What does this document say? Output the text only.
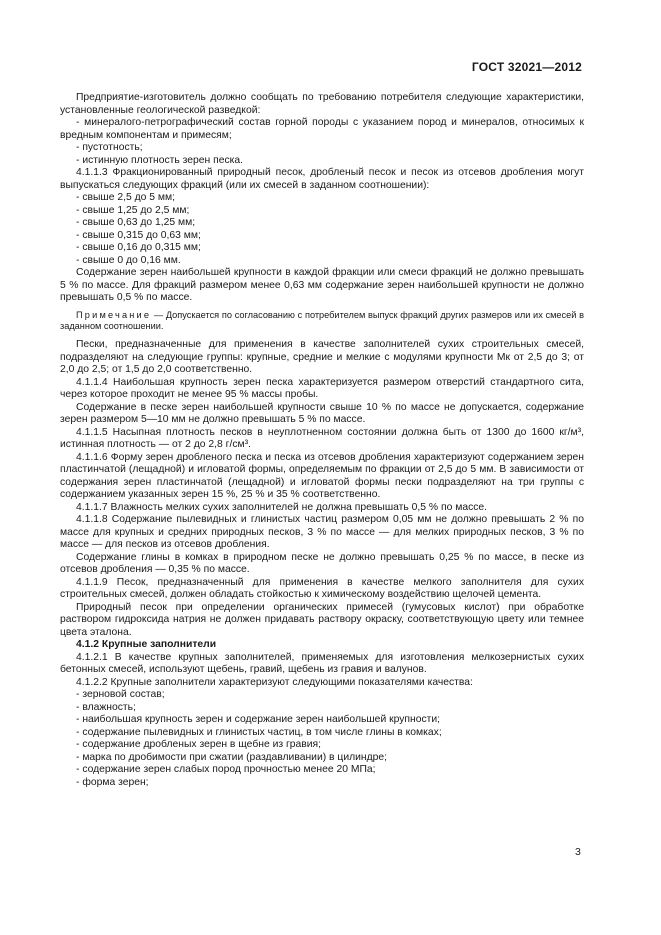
ГОСТ 32021—2012

Предприятие-изготовитель должно сообщать по требованию потребителя следующие характеристики, установленные геологической разведкой:

- минералого-петрографический состав горной породы с указанием пород и минералов, относимых к вредным компонентам и примесям;

- пустотность;

- истинную плотность зерен песка.

4.1.1.3 Фракционированный природный песок, дробленый песок и песок из отсевов дробления могут выпускаться следующих фракций (или их смесей в заданном соотношении):

- свыше 2,5 до 5 мм;

- свыше 1,25 до 2,5 мм;

- свыше 0,63 до 1,25 мм;

- свыше 0,315 до 0,63 мм;

- свыше 0,16 до 0,315 мм;

- свыше 0 до 0,16 мм.

Содержание зерен наибольшей крупности в каждой фракции или смеси фракций не должно превышать 5 % по массе. Для фракций размером менее 0,63 мм содержание зерен наибольшей крупности не должно превышать 0,5 % по массе.

Примечание — Допускается по согласованию с потребителем выпуск фракций других размеров или их смесей в заданном соотношении.

Пески, предназначенные для применения в качестве заполнителей сухих строительных смесей, подразделяют на следующие группы: крупные, средние и мелкие с модулями крупности Mк от 2,5 до 3; от 2,0 до 2,5; от 1,5 до 2,0 соответственно.

4.1.1.4 Наибольшая крупность зерен песка характеризуется размером отверстий стандартного сита, через которое проходит не менее 95 % массы пробы.

Содержание в песке зерен наибольшей крупности свыше 10 % по массе не допускается, содержание зерен размером 5—10 мм не должно превышать 5 % по массе.

4.1.1.5 Насыпная плотность песков в неуплотненном состоянии должна быть от 1300 до 1600 кг/м³, истинная плотность — от 2 до 2,8 г/см³.

4.1.1.6 Форму зерен дробленого песка и песка из отсевов дробления характеризуют содержанием зерен пластинчатой (лещадной) и игловатой формы, определяемым по фракции от 2,5 до 5 мм. В зависимости от содержания зерен пластинчатой (лещадной) и игловатой формы пески подразделяют на три группы с содержанием указанных зерен 15 %, 25 % и 35 % соответственно.

4.1.1.7 Влажность мелких сухих заполнителей не должна превышать 0,5 % по массе.

4.1.1.8 Содержание пылевидных и глинистых частиц размером 0,05 мм не должно превышать 2 % по массе для крупных и средних природных песков, 3 % по массе — для мелких природных песков, 3 % по массе — для песков из отсевов дробления.

Содержание глины в комках в природном песке не должно превышать 0,25 % по массе, в песке из отсевов дробления — 0,35 % по массе.

4.1.1.9 Песок, предназначенный для применения в качестве мелкого заполнителя для сухих строительных смесей, должен обладать стойкостью к химическому воздействию щелочей цемента.

Природный песок при определении органических примесей (гумусовых кислот) при обработке раствором гидроксида натрия не должен придавать раствору окраску, соответствующую цвету или темнее цвета эталона.

4.1.2 Крупные заполнители

4.1.2.1 В качестве крупных заполнителей, применяемых для изготовления мелкозернистых сухих бетонных смесей, используют щебень, гравий, щебень из гравия и валунов.

4.1.2.2 Крупные заполнители характеризуют следующими показателями качества:

- зерновой состав;

- влажность;

- наибольшая крупность зерен и содержание зерен наибольшей крупности;

- содержание пылевидных и глинистых частиц, в том числе глины в комках;

- содержание дробленых зерен в щебне из гравия;

- марка по дробимости при сжатии (раздавливании) в цилиндре;

- содержание зерен слабых пород прочностью менее 20 МПа;

- форма зерен;

3
